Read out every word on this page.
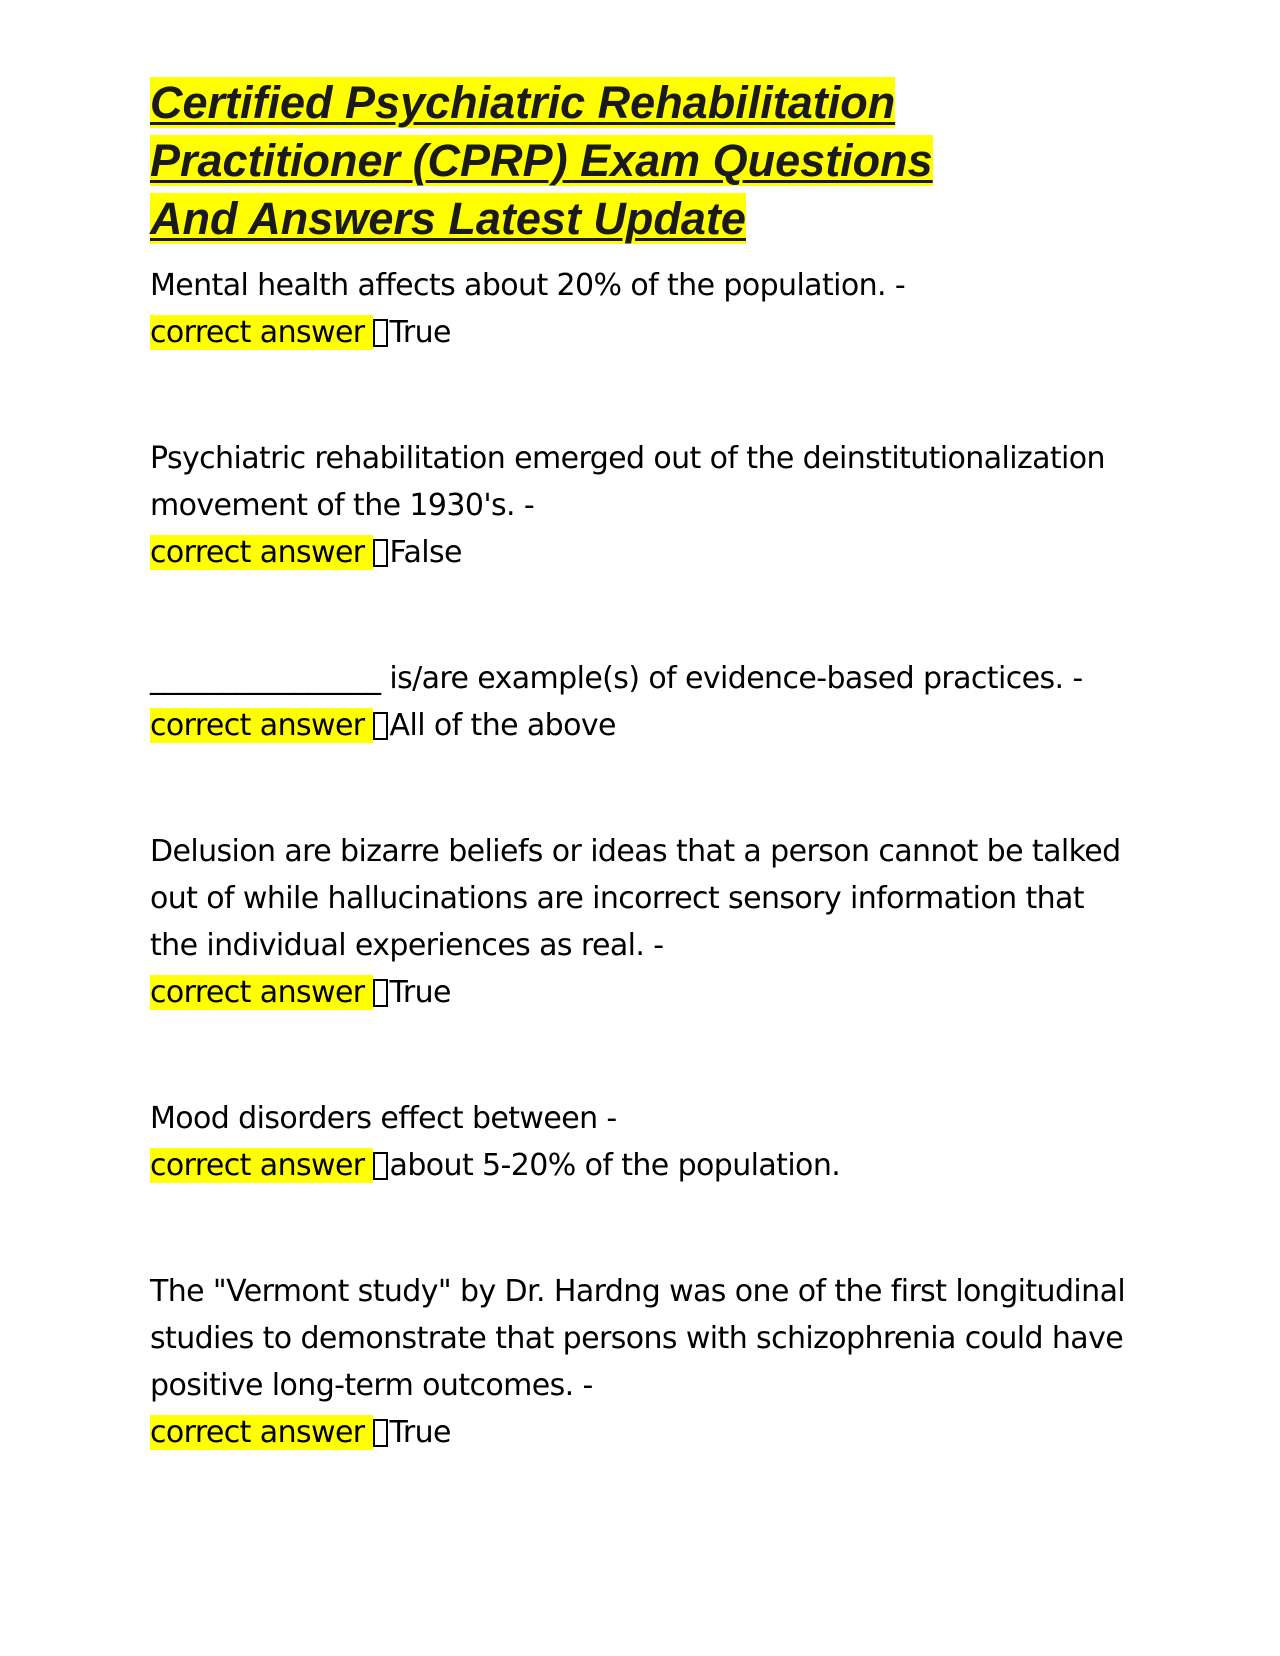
Certified Psychiatric Rehabilitation
Practitioner (CPRP) Exam Questions
And Answers Latest Update
Mental health affects about 20% of the population. -
correct answer True
Psychiatric rehabilitation emerged out of the deinstitutionalization movement of the 1930's. -
correct answer False
________________ is/are example(s) of evidence-based practices. -
correct answer All of the above
Delusion are bizarre beliefs or ideas that a person cannot be talked out of while hallucinations are incorrect sensory information that the individual experiences as real. -
correct answer True
Mood disorders effect between -
correct answer about 5-20% of the population.
The "Vermont study" by Dr. Hardng was one of the first longitudinal studies to demonstrate that persons with schizophrenia could have positive long-term outcomes. -
correct answer True
